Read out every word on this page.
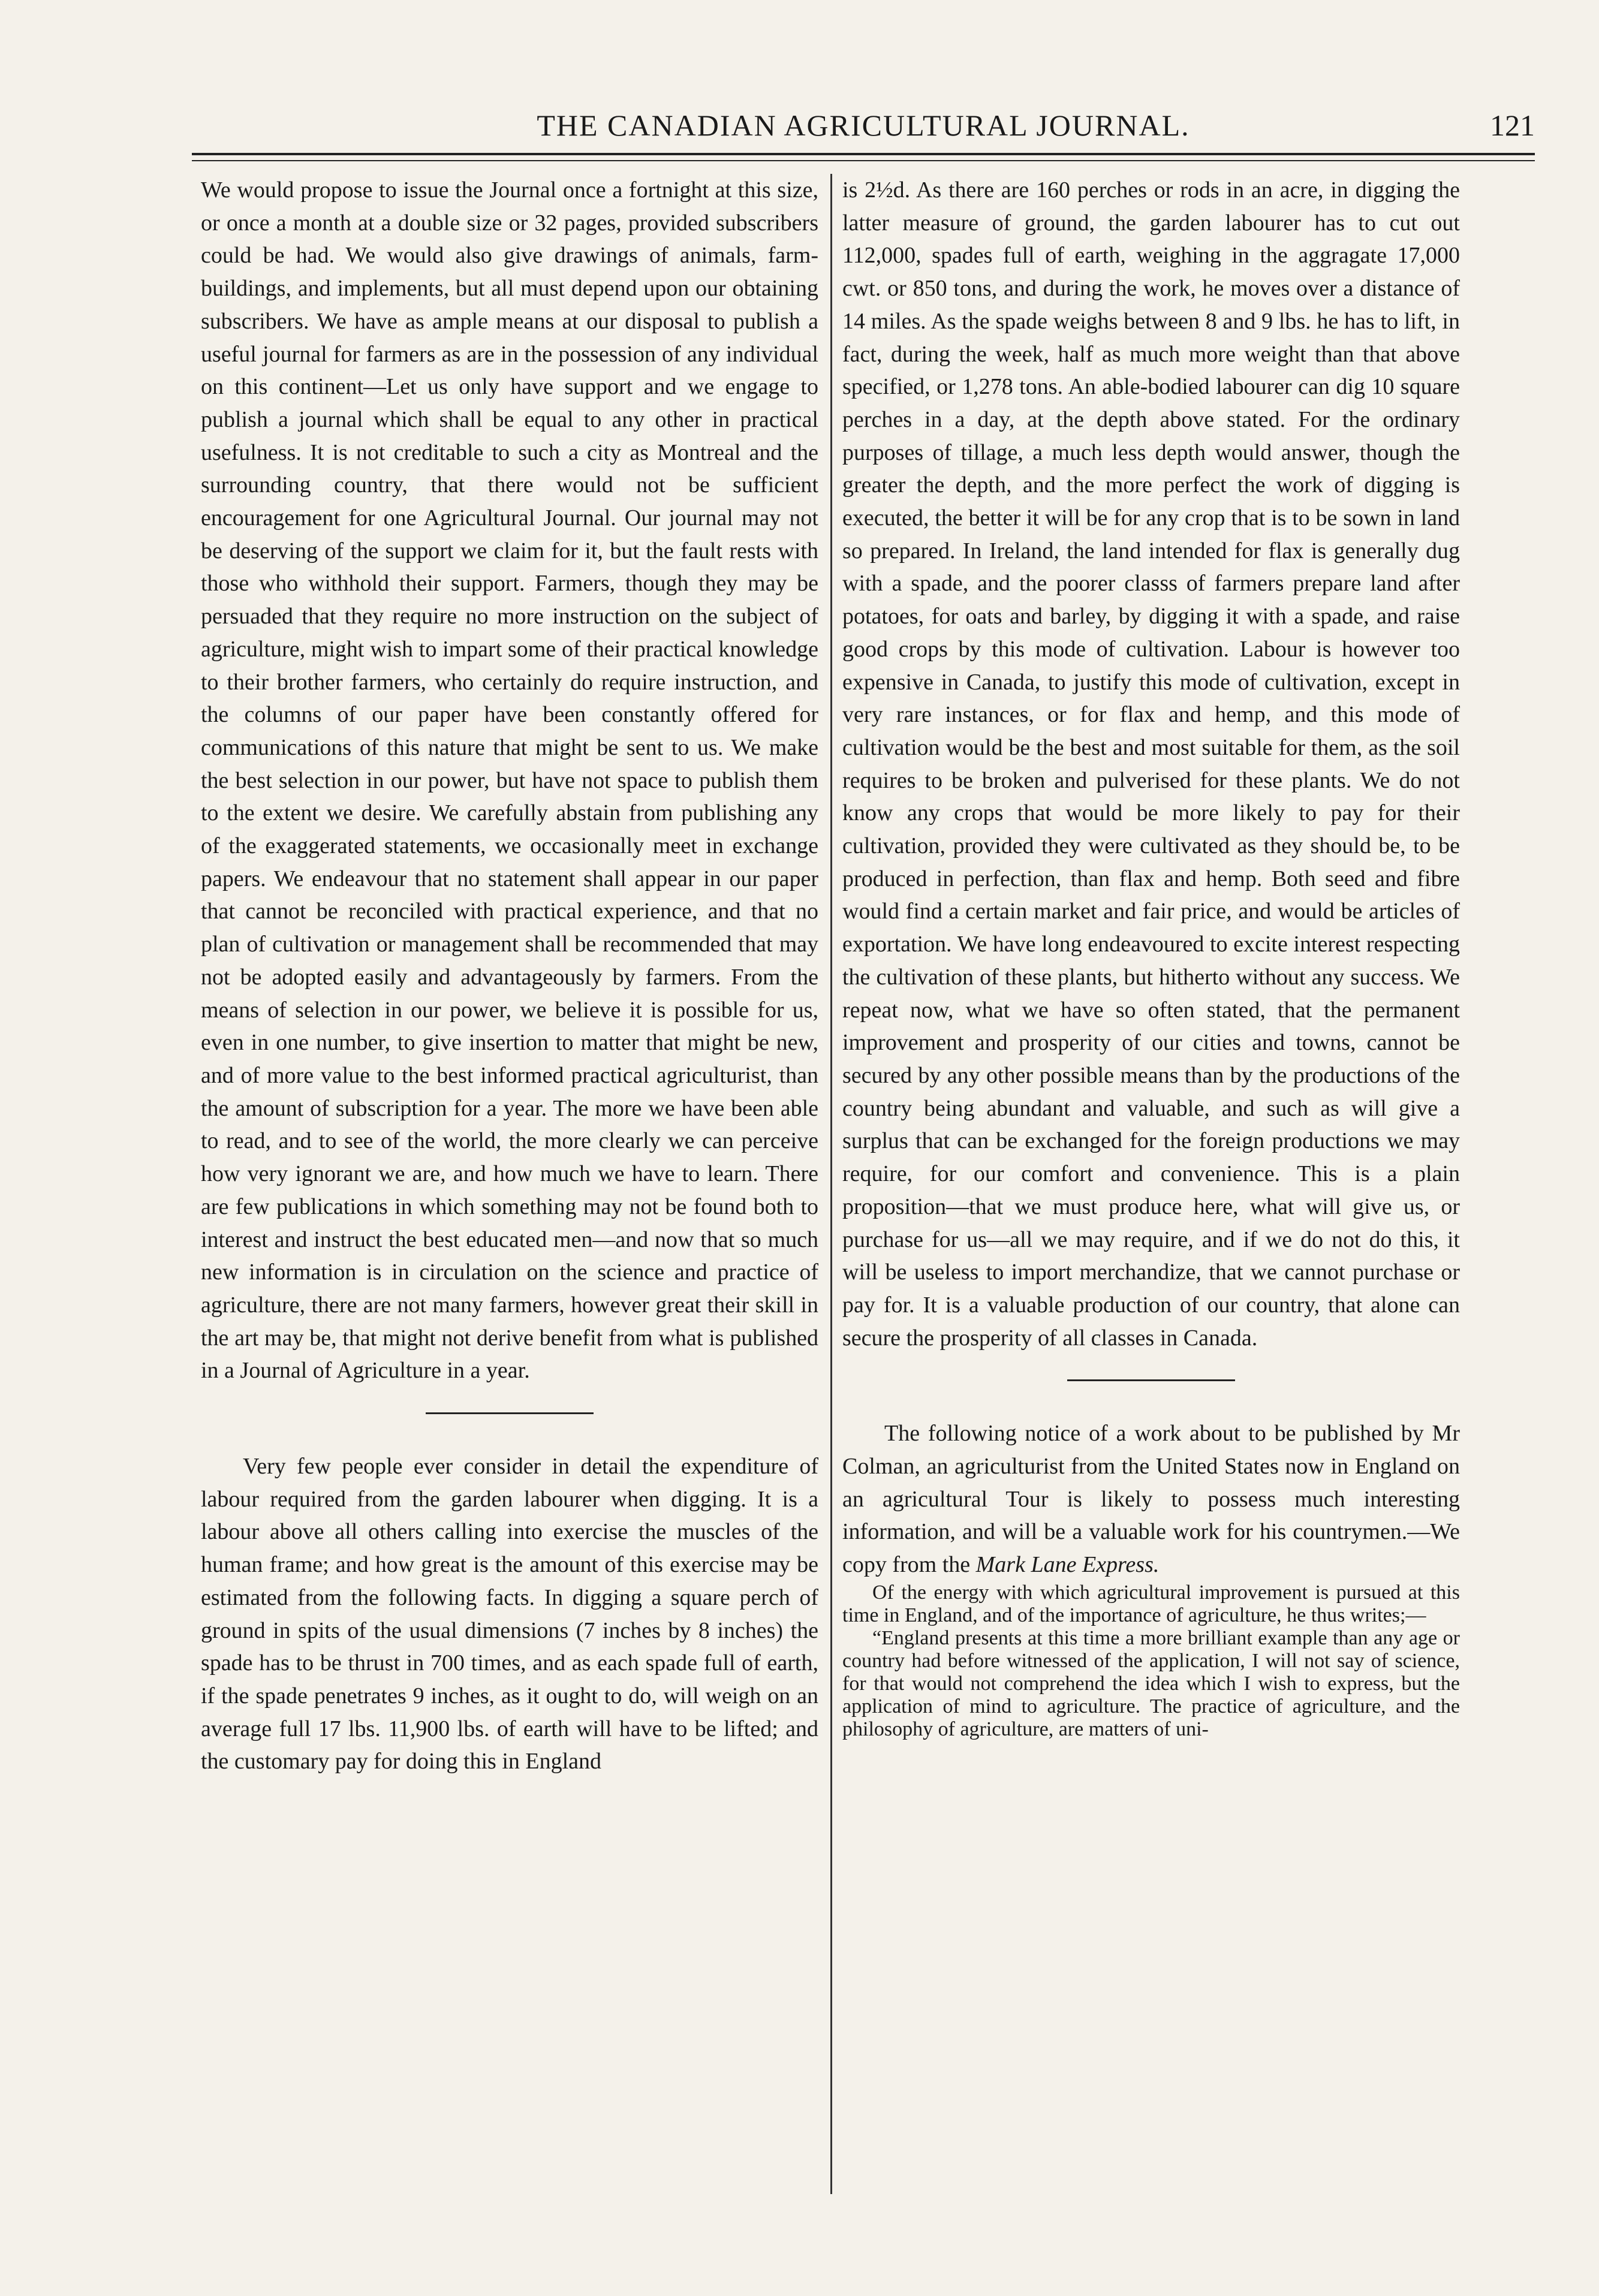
THE CANADIAN AGRICULTURAL JOURNAL.	121

We would propose to issue the Journal once a fortnight at this size, or once a month at a double size or 32 pages, provided subscribers could be had. We would also give drawings of animals, farm-buildings, and implements, but all must depend upon our obtaining subscribers. We have as ample means at our disposal to publish a useful journal for farmers as are in the possession of any individual on this continent—Let us only have support and we engage to publish a journal which shall be equal to any other in practical usefulness. It is not creditable to such a city as Montreal and the surrounding country, that there would not be sufficient encouragement for one Agricultural Journal. Our journal may not be deserving of the support we claim for it, but the fault rests with those who withhold their support. Farmers, though they may be persuaded that they require no more instruction on the subject of agriculture, might wish to impart some of their practical knowledge to their brother farmers, who certainly do require instruction, and the columns of our paper have been constantly offered for communications of this nature that might be sent to us. We make the best selection in our power, but have not space to publish them to the extent we desire. We carefully abstain from publishing any of the exaggerated statements, we occasionally meet in exchange papers. We endeavour that no statement shall appear in our paper that cannot be reconciled with practical experience, and that no plan of cultivation or management shall be recommended that may not be adopted easily and advantageously by farmers. From the means of selection in our power, we believe it is possible for us, even in one number, to give insertion to matter that might be new, and of more value to the best informed practical agriculturist, than the amount of subscription for a year. The more we have been able to read, and to see of the world, the more clearly we can perceive how very ignorant we are, and how much we have to learn. There are few publications in which something may not be found both to interest and instruct the best educated men—and now that so much new information is in circulation on the science and practice of agriculture, there are not many farmers, however great their skill in the art may be, that might not derive benefit from what is published in a Journal of Agriculture in a year.

Very few people ever consider in detail the expenditure of labour required from the garden labourer when digging. It is a labour above all others calling into exercise the muscles of the human frame; and how great is the amount of this exercise may be estimated from the following facts. In digging a square perch of ground in spits of the usual dimensions (7 inches by 8 inches) the spade has to be thrust in 700 times, and as each spade full of earth, if the spade penetrates 9 inches, as it ought to do, will weigh on an average full 17 lbs. 11,900 lbs. of earth will have to be lifted; and the customary pay for doing this in England

is 2½d. As there are 160 perches or rods in an acre, in digging the latter measure of ground, the garden labourer has to cut out 112,000, spades full of earth, weighing in the aggragate 17,000 cwt. or 850 tons, and during the work, he moves over a distance of 14 miles. As the spade weighs between 8 and 9 lbs. he has to lift, in fact, during the week, half as much more weight than that above specified, or 1,278 tons. An able-bodied labourer can dig 10 square perches in a day, at the depth above stated. For the ordinary purposes of tillage, a much less depth would answer, though the greater the depth, and the more perfect the work of digging is executed, the better it will be for any crop that is to be sown in land so prepared. In Ireland, the land intended for flax is generally dug with a spade, and the poorer classs of farmers prepare land after potatoes, for oats and barley, by digging it with a spade, and raise good crops by this mode of cultivation. Labour is however too expensive in Canada, to justify this mode of cultivation, except in very rare instances, or for flax and hemp, and this mode of cultivation would be the best and most suitable for them, as the soil requires to be broken and pulverised for these plants. We do not know any crops that would be more likely to pay for their cultivation, provided they were cultivated as they should be, to be produced in perfection, than flax and hemp. Both seed and fibre would find a certain market and fair price, and would be articles of exportation. We have long endeavoured to excite interest respecting the cultivation of these plants, but hitherto without any success. We repeat now, what we have so often stated, that the permanent improvement and prosperity of our cities and towns, cannot be secured by any other possible means than by the productions of the country being abundant and valuable, and such as will give a surplus that can be exchanged for the foreign productions we may require, for our comfort and convenience. This is a plain proposition—that we must produce here, what will give us, or purchase for us—all we may require, and if we do not do this, it will be useless to import merchandize, that we cannot purchase or pay for. It is a valuable production of our country, that alone can secure the prosperity of all classes in Canada.

The following notice of a work about to be published by Mr Colman, an agriculturist from the United States now in England on an agricultural Tour is likely to possess much interesting information, and will be a valuable work for his countrymen.—We copy from the Mark Lane Express.

Of the energy with which agricultural improvement is pursued at this time in England, and of the importance of agriculture, he thus writes;—

“England presents at this time a more brilliant example than any age or country had before witnessed of the application, I will not say of science, for that would not comprehend the idea which I wish to express, but the application of mind to agriculture. The practice of agriculture, and the philosophy of agriculture, are matters of uni-
